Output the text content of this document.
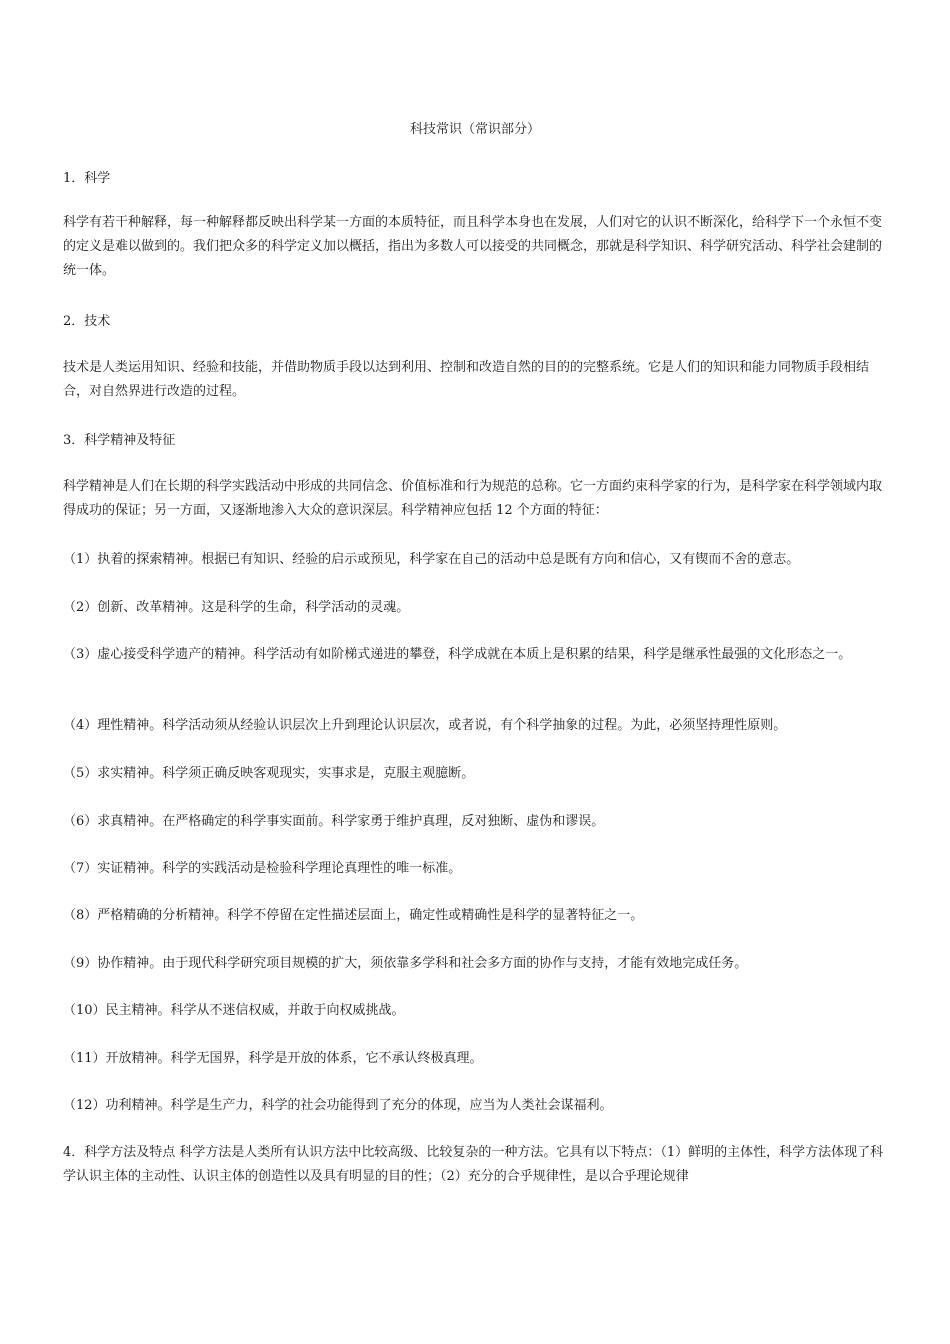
科技常识（常识部分）

1．科学

科学有若干种解释，每一种解释都反映出科学某一方面的本质特征，而且科学本身也在发展，人们对它的认识不断深化，给科学下一个永恒不变的定义是难以做到的。我们把众多的科学定义加以概括，指出为多数人可以接受的共同概念，那就是科学知识、科学研究活动、科学社会建制的统一体。

2．技术

技术是人类运用知识、经验和技能，并借助物质手段以达到利用、控制和改造自然的目的的完整系统。它是人们的知识和能力同物质手段相结合，对自然界进行改造的过程。

3．科学精神及特征

科学精神是人们在长期的科学实践活动中形成的共同信念、价值标准和行为规范的总称。它一方面约束科学家的行为，是科学家在科学领域内取得成功的保证；另一方面，又逐渐地渗入大众的意识深层。科学精神应包括 12 个方面的特征：

（1）执着的探索精神。根据已有知识、经验的启示或预见，科学家在自己的活动中总是既有方向和信心，又有锲而不舍的意志。

（2）创新、改革精神。这是科学的生命，科学活动的灵魂。

（3）虚心接受科学遗产的精神。科学活动有如阶梯式递进的攀登，科学成就在本质上是积累的结果，科学是继承性最强的文化形态之一。

（4）理性精神。科学活动须从经验认识层次上升到理论认识层次，或者说，有个科学抽象的过程。为此，必须坚持理性原则。

（5）求实精神。科学须正确反映客观现实，实事求是，克服主观臆断。

（6）求真精神。在严格确定的科学事实面前。科学家勇于维护真理，反对独断、虚伪和谬误。

（7）实证精神。科学的实践活动是检验科学理论真理性的唯一标准。

（8）严格精确的分析精神。科学不停留在定性描述层面上，确定性或精确性是科学的显著特征之一。

（9）协作精神。由于现代科学研究项目规模的扩大，须依靠多学科和社会多方面的协作与支持，才能有效地完成任务。

（10）民主精神。科学从不迷信权威，并敢于向权威挑战。

（11）开放精神。科学无国界，科学是开放的体系，它不承认终极真理。

（12）功利精神。科学是生产力，科学的社会功能得到了充分的体现，应当为人类社会谋福利。

4．科学方法及特点 科学方法是人类所有认识方法中比较高级、比较复杂的一种方法。它具有以下特点：（1）鲜明的主体性，科学方法体现了科学认识主体的主动性、认识主体的创造性以及具有明显的目的性；（2）充分的合乎规律性，是以合乎理论规律
